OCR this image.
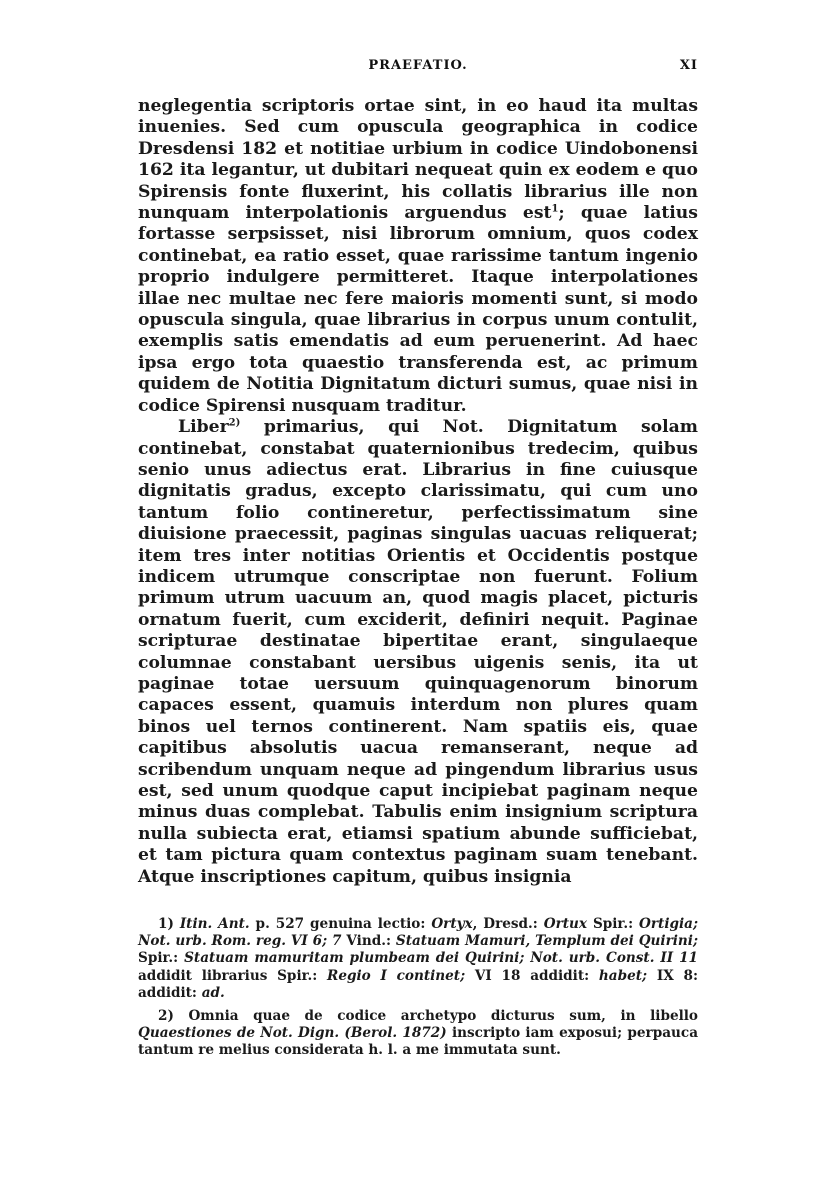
PRAEFATIO.	XI

neglegentia scriptoris ortae sint, in eo haud ita multas inuenies. Sed cum opuscula geographica in codice Dresdensi 182 et notitiae urbium in codice Uindobonensi 162 ita legantur, ut dubitari nequeat quin ex eodem e quo Spirensis fonte fluxerint, his collatis librarius ille non nunquam interpolationis arguendus est$^1$; quae latius fortasse serpsisset, nisi librorum omnium, quos codex continebat, ea ratio esset, quae rarissime tantum ingenio proprio indulgere permitteret. Itaque interpolationes illae nec multae nec fere maioris momenti sunt, si modo opuscula singula, quae librarius in corpus unum contulit, exemplis satis emendatis ad eum peruenerint. Ad haec ipsa ergo tota quaestio transferenda est, ac primum quidem de Notitia Dignitatum dicturi sumus, quae nisi in codice Spirensi nusquam traditur.

Liber$^{2)}$ primarius, qui Not. Dignitatum solam continebat, constabat quaternionibus tredecim, quibus senio unus adiectus erat. Librarius in fine cuiusque dignitatis gradus, excepto clarissimatu, qui cum uno tantum folio contineretur, perfectissimatum sine diuisione praecessit, paginas singulas uacuas reliquerat; item tres inter notitias Orientis et Occidentis postque indicem utrumque conscriptae non fuerunt. Folium primum utrum uacuum an, quod magis placet, picturis ornatum fuerit, cum exciderit, definiri nequit. Paginae scripturae destinatae bipertitae erant, singulaeque columnae constabant uersibus uigenis senis, ita ut paginae totae uersuum quinquagenorum binorum capaces essent, quamuis interdum non plures quam binos uel ternos continerent. Nam spatiis eis, quae capitibus absolutis uacua remanserant, neque ad scribendum unquam neque ad pingendum librarius usus est, sed unum quodque caput incipiebat paginam neque minus duas complebat. Tabulis enim insignium scriptura nulla subiecta erat, etiamsi spatium abunde sufficiebat, et tam pictura quam contextus paginam suam tenebant. Atque inscriptiones capitum, quibus insignia

1) Itin. Ant. p. 527 genuina lectio: Ortyx, Dresd.: Ortux Spir.: Ortigia; Not. urb. Rom. reg. VI 6; 7 Vind.: Statuam Mamuri, Templum dei Quirini; Spir.: Statuam mamuritam plumbeam dei Quirini; Not. urb. Const. II 11 addidit librarius Spir.: Regio I continet; VI 18 addidit: habet; IX 8: addidit: ad.

2) Omnia quae de codice archetypo dicturus sum, in libello Quaestiones de Not. Dign. (Berol. 1872) inscripto iam exposui; perpauca tantum re melius considerata h. l. a me immutata sunt.
